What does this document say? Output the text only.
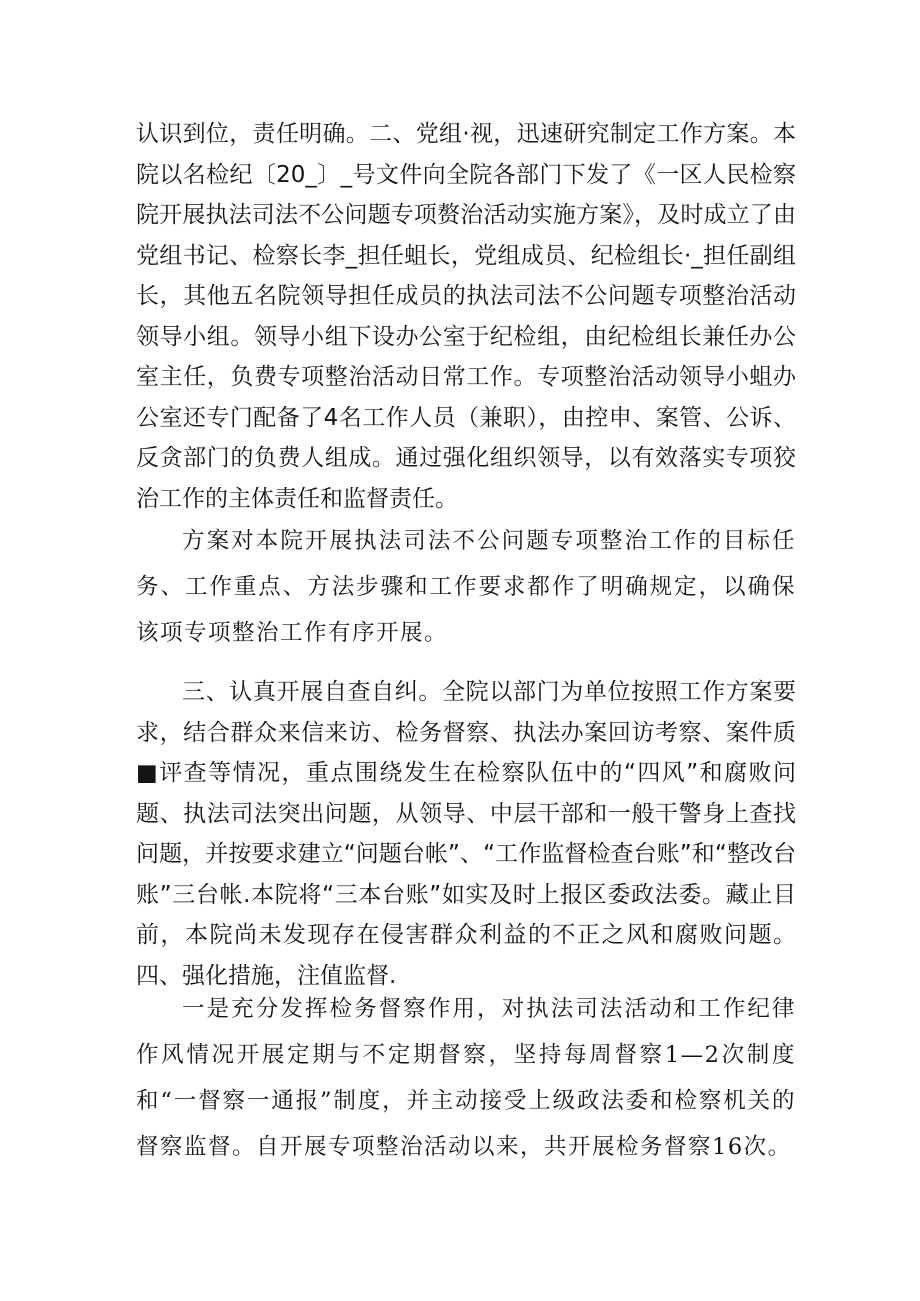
认识到位，责任明确。二、党组·视，迅速研究制定工作方案。本院以名检纪〔20_〕_号文件向全院各部门下发了《一区人民检察院开展执法司法不公问题专项赘治活动实施方案》，及时成立了由党组书记、检察长李_担任蛆长，党组成员、纪检组长·_担任副组长，其他五名院领导担任成员的执法司法不公问题专项整治活动领导小组。领导小组下设办公室于纪检组，由纪检组长兼任办公室主任，负费专项整治活动日常工作。专项整治活动领导小蛆办公室还专门配备了4名工作人员（兼职），由控申、案管、公诉、反贪部门的负费人组成。通过强化组织领导，以有效落实专项狡治工作的主体责任和监督责任。

方案对本院开展执法司法不公问题专项整治工作的目标任务、工作重点、方法步骤和工作要求都作了明确规定，以确保该项专项整治工作有序开展。

三、认真开展自查自纠。全院以部门为单位按照工作方案要求，结合群众来信来访、检务督察、执法办案回访考察、案件质■评查等情况，重点围绕发生在检察队伍中的“四风”和腐败问题、执法司法突出问题，从领导、中层干部和一般干警身上查找问题，并按要求建立“问题台帐”、“工作监督检查台账”和“整改台账”三台帐.本院将“三本台账”如实及时上报区委政法委。藏止目前，本院尚未发现存在侵害群众利益的不正之风和腐败问题。四、强化措施，注值监督.

一是充分发挥检务督察作用，对执法司法活动和工作纪律作风情况开展定期与不定期督察，坚持每周督察1—2次制度和“一督察一通报”制度，并主动接受上级政法委和检察机关的督察监督。自开展专项整治活动以来，共开展检务督察16次。
